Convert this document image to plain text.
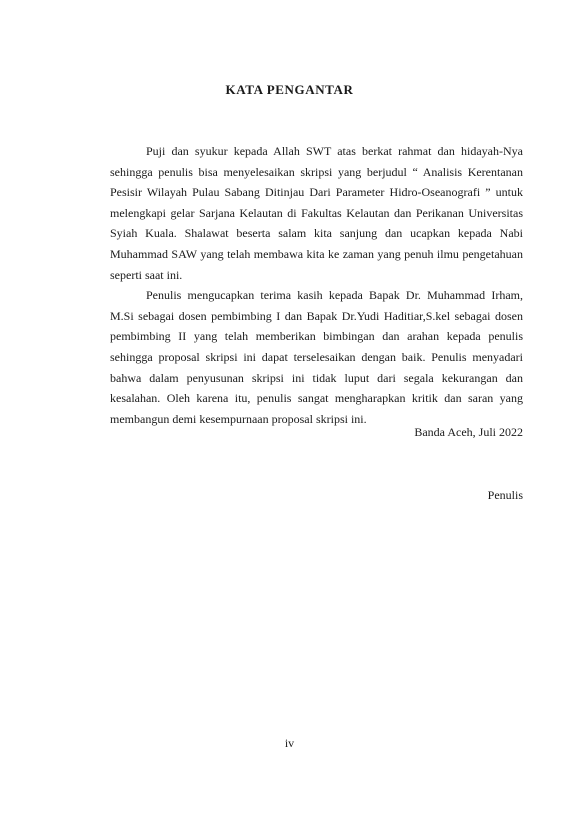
KATA PENGANTAR

Puji dan syukur kepada Allah SWT atas berkat rahmat dan hidayah-Nya sehingga penulis bisa menyelesaikan skripsi yang berjudul “ Analisis Kerentanan Pesisir Wilayah Pulau Sabang Ditinjau Dari Parameter Hidro-Oseanografi ” untuk melengkapi gelar Sarjana Kelautan di Fakultas Kelautan dan Perikanan Universitas Syiah Kuala. Shalawat beserta salam kita sanjung dan ucapkan kepada Nabi Muhammad SAW yang telah membawa kita ke zaman yang penuh ilmu pengetahuan seperti saat ini.

Penulis mengucapkan terima kasih kepada Bapak Dr. Muhammad Irham, M.Si sebagai dosen pembimbing I dan Bapak Dr.Yudi Haditiar,S.kel sebagai dosen pembimbing II yang telah memberikan bimbingan dan arahan kepada penulis sehingga proposal skripsi ini dapat terselesaikan dengan baik. Penulis menyadari bahwa dalam penyusunan skripsi ini tidak luput dari segala kekurangan dan kesalahan. Oleh karena itu, penulis sangat mengharapkan kritik dan saran yang membangun demi kesempurnaan proposal skripsi ini.

Banda Aceh, Juli 2022
Penulis
iv
